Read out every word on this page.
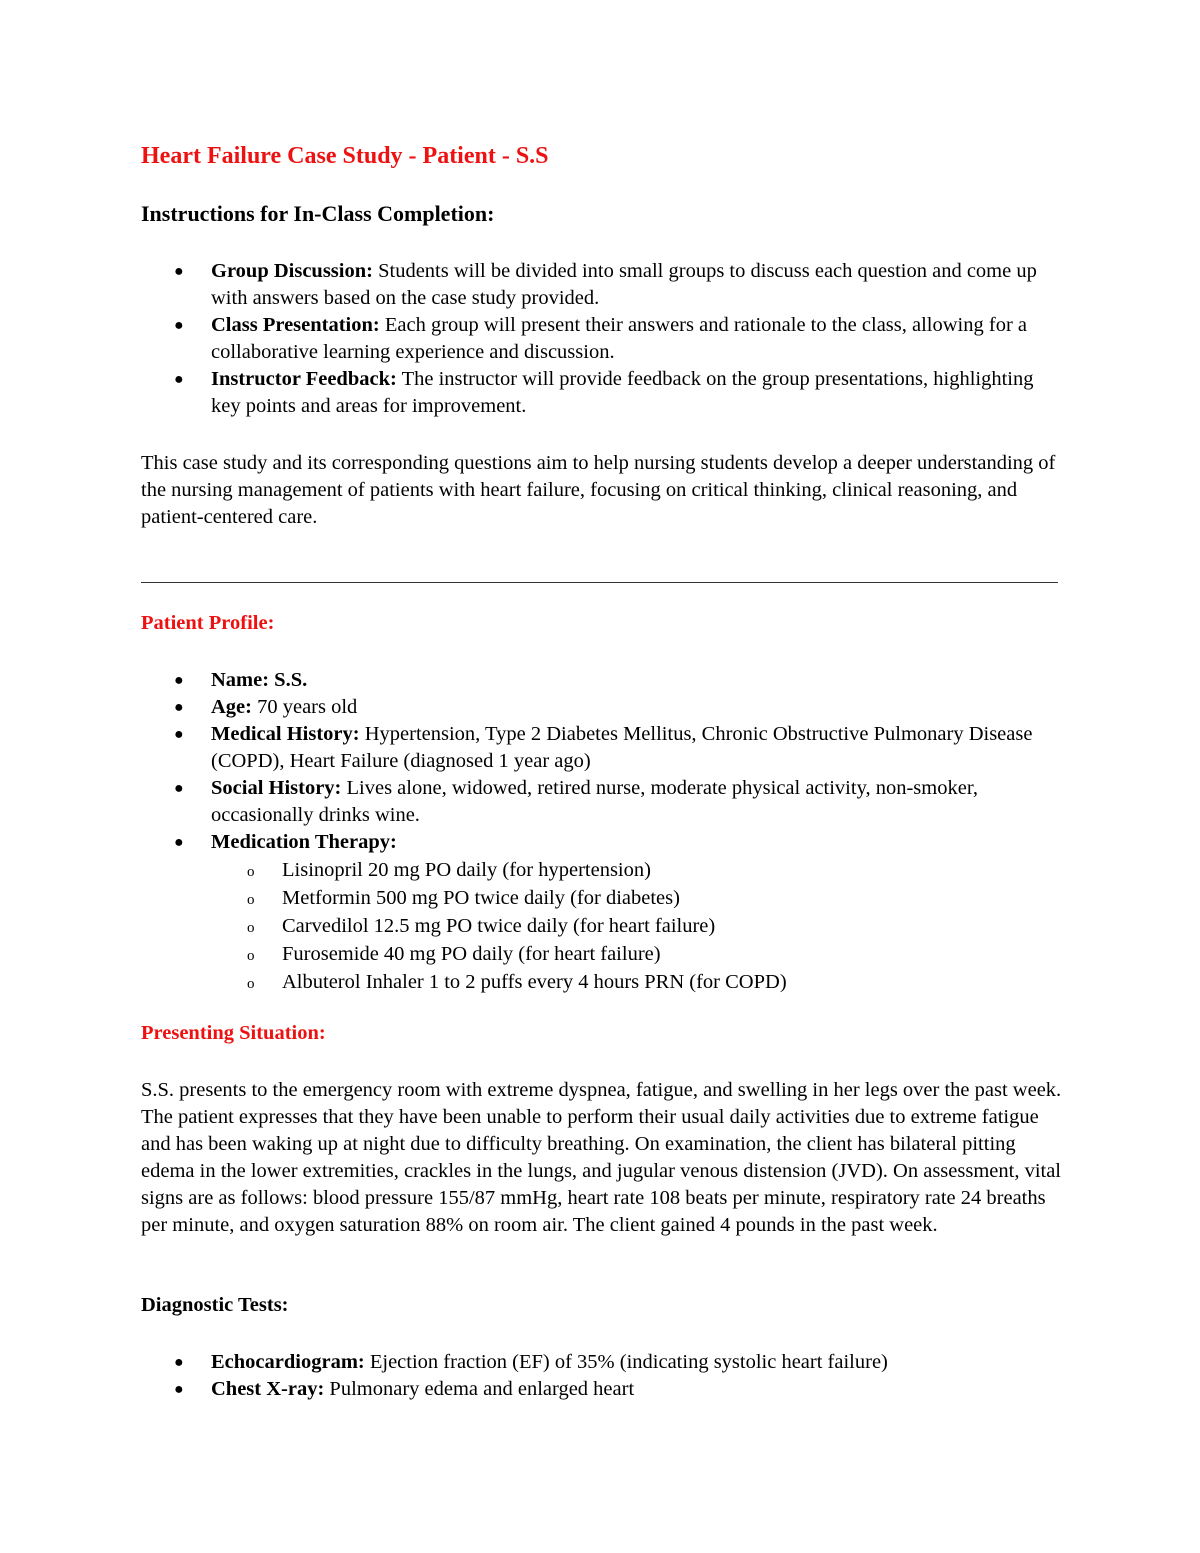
Heart Failure Case Study - Patient - S.S
Instructions for In-Class Completion:
● Group Discussion: Students will be divided into small groups to discuss each question and come up with answers based on the case study provided.
● Class Presentation: Each group will present their answers and rationale to the class, allowing for a collaborative learning experience and discussion.
● Instructor Feedback: The instructor will provide feedback on the group presentations, highlighting key points and areas for improvement.

This case study and its corresponding questions aim to help nursing students develop a deeper understanding of the nursing management of patients with heart failure, focusing on critical thinking, clinical reasoning, and patient-centered care.

Patient Profile:
● Name: S.S.
● Age: 70 years old
● Medical History: Hypertension, Type 2 Diabetes Mellitus, Chronic Obstructive Pulmonary Disease (COPD), Heart Failure (diagnosed 1 year ago)
● Social History: Lives alone, widowed, retired nurse, moderate physical activity, non-smoker, occasionally drinks wine.
● Medication Therapy:
o Lisinopril 20 mg PO daily (for hypertension)
o Metformin 500 mg PO twice daily (for diabetes)
o Carvedilol 12.5 mg PO twice daily (for heart failure)
o Furosemide 40 mg PO daily (for heart failure)
o Albuterol Inhaler 1 to 2 puffs every 4 hours PRN (for COPD)
Presenting Situation:

S.S. presents to the emergency room with extreme dyspnea, fatigue, and swelling in her legs over the past week. The patient expresses that they have been unable to perform their usual daily activities due to extreme fatigue and has been waking up at night due to difficulty breathing. On examination, the client has bilateral pitting edema in the lower extremities, crackles in the lungs, and jugular venous distension (JVD). On assessment, vital signs are as follows: blood pressure 155/87 mmHg, heart rate 108 beats per minute, respiratory rate 24 breaths per minute, and oxygen saturation 88% on room air. The client gained 4 pounds in the past week.

Diagnostic Tests:
● Echocardiogram: Ejection fraction (EF) of 35% (indicating systolic heart failure)
● Chest X-ray: Pulmonary edema and enlarged heart
